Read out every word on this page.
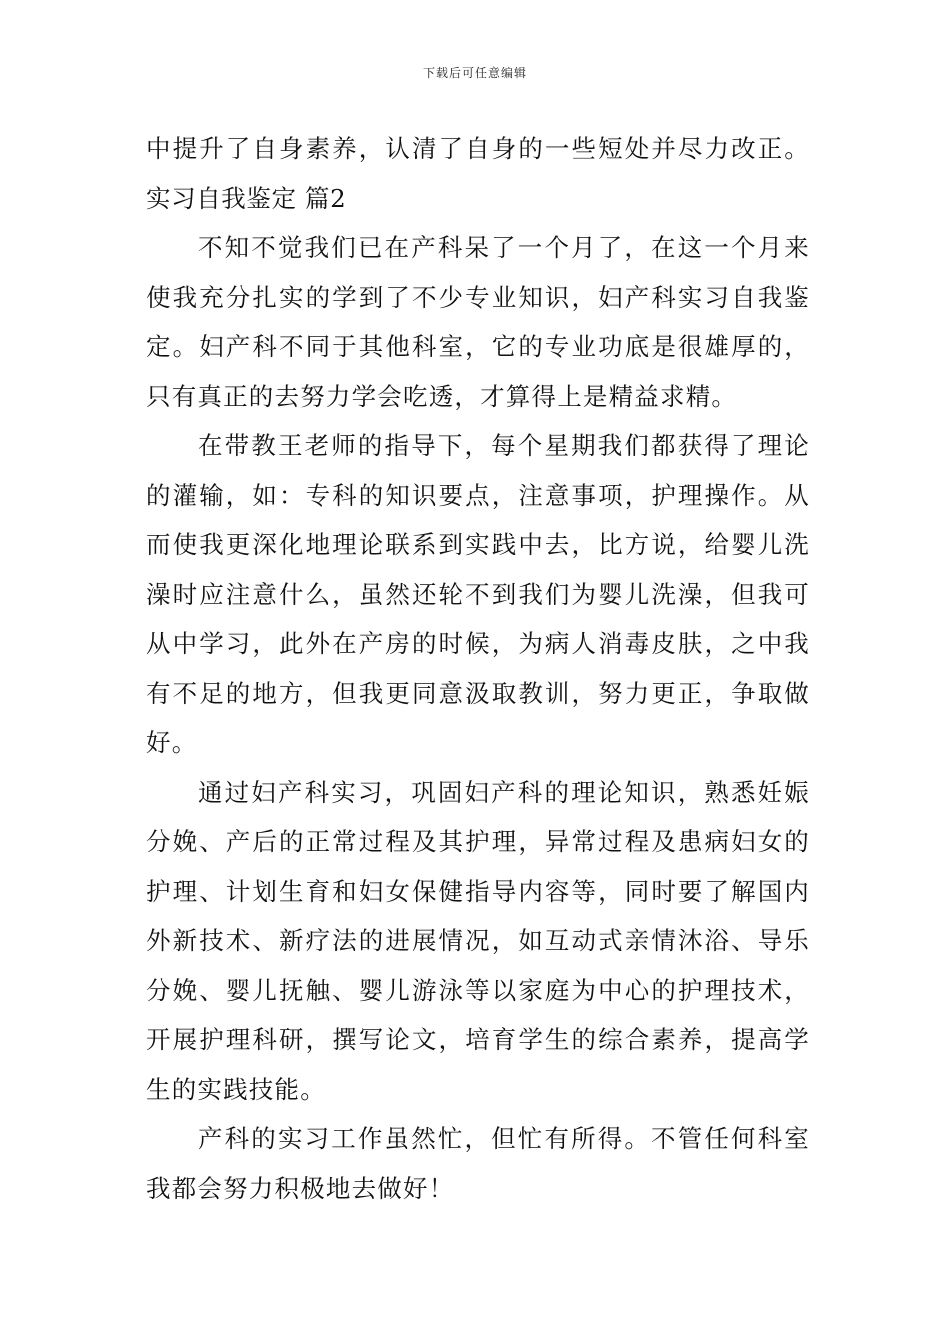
下载后可任意编辑
中提升了自身素养，认清了自身的一些短处并尽力改正。
实习自我鉴定 篇2
不知不觉我们已在产科呆了一个月了，在这一个月来
使我充分扎实的学到了不少专业知识，妇产科实习自我鉴
定。妇产科不同于其他科室，它的专业功底是很雄厚的，
只有真正的去努力学会吃透，才算得上是精益求精。
在带教王老师的指导下，每个星期我们都获得了理论
的灌输，如：专科的知识要点，注意事项，护理操作。从
而使我更深化地理论联系到实践中去，比方说，给婴儿洗
澡时应注意什么，虽然还轮不到我们为婴儿洗澡，但我可
从中学习，此外在产房的时候，为病人消毒皮肤，之中我
有不足的地方，但我更同意汲取教训，努力更正，争取做
好。
通过妇产科实习，巩固妇产科的理论知识，熟悉妊娠
分娩、产后的正常过程及其护理，异常过程及患病妇女的
护理、计划生育和妇女保健指导内容等，同时要了解国内
外新技术、新疗法的进展情况，如互动式亲情沐浴、导乐
分娩、婴儿抚触、婴儿游泳等以家庭为中心的护理技术，
开展护理科研，撰写论文，培育学生的综合素养，提高学
生的实践技能。
产科的实习工作虽然忙，但忙有所得。不管任何科室
我都会努力积极地去做好！
